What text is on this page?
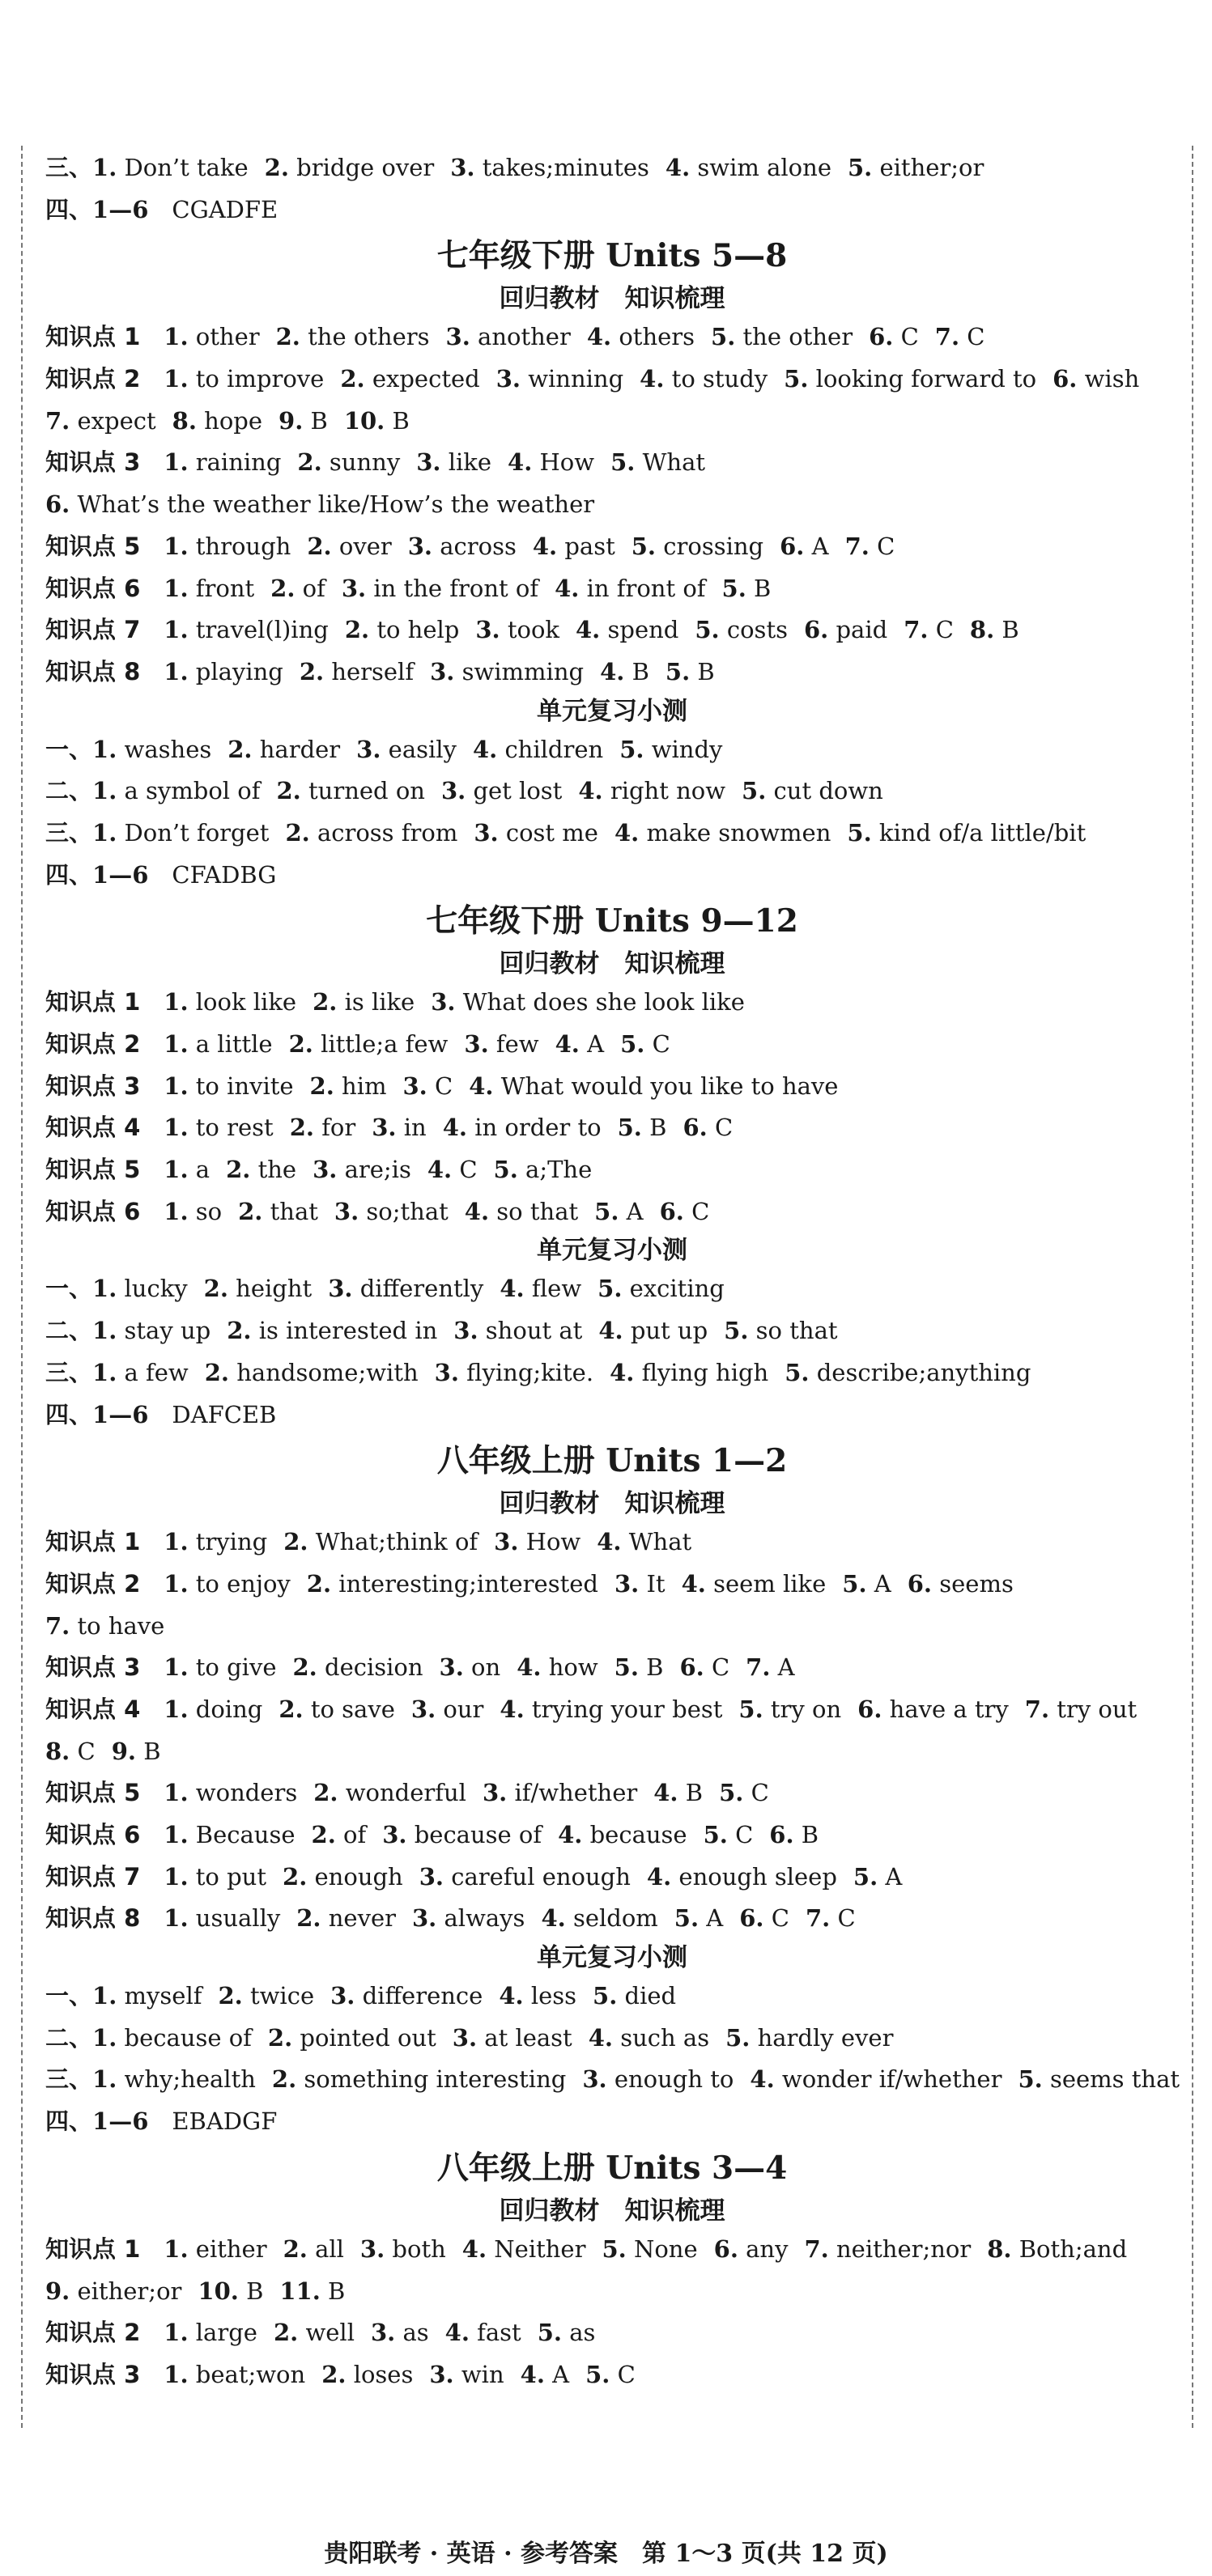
三、1. Don’t take 2. bridge over 3. takes;minutes 4. swim alone 5. either;or
四、1—6  CGADFE
七年级下册 Units 5—8
回归教材　知识梳理
知识点 1  1. other 2. the others 3. another 4. others 5. the other 6. C 7. C
知识点 2  1. to improve 2. expected 3. winning 4. to study 5. looking forward to 6. wish
7. expect 8. hope 9. B 10. B
知识点 3  1. raining 2. sunny 3. like 4. How 5. What
6. What’s the weather like/How’s the weather
知识点 5  1. through 2. over 3. across 4. past 5. crossing 6. A 7. C
知识点 6  1. front 2. of 3. in the front of 4. in front of 5. B
知识点 7  1. travel(l)ing 2. to help 3. took 4. spend 5. costs 6. paid 7. C 8. B
知识点 8  1. playing 2. herself 3. swimming 4. B 5. B
单元复习小测
一、1. washes 2. harder 3. easily 4. children 5. windy
二、1. a symbol of 2. turned on 3. get lost 4. right now 5. cut down
三、1. Don’t forget 2. across from 3. cost me 4. make snowmen 5. kind of/a little/bit
四、1—6  CFADBG
七年级下册 Units 9—12
回归教材　知识梳理
知识点 1  1. look like 2. is like 3. What does she look like
知识点 2  1. a little 2. little;a few 3. few 4. A 5. C
知识点 3  1. to invite 2. him 3. C 4. What would you like to have
知识点 4  1. to rest 2. for 3. in 4. in order to 5. B 6. C
知识点 5  1. a 2. the 3. are;is 4. C 5. a;The
知识点 6  1. so 2. that 3. so;that 4. so that 5. A 6. C
单元复习小测
一、1. lucky 2. height 3. differently 4. flew 5. exciting
二、1. stay up 2. is interested in 3. shout at 4. put up 5. so that
三、1. a few 2. handsome;with 3. flying;kite. 4. flying high 5. describe;anything
四、1—6  DAFCEB
八年级上册 Units 1—2
回归教材　知识梳理
知识点 1  1. trying 2. What;think of 3. How 4. What
知识点 2  1. to enjoy 2. interesting;interested 3. It 4. seem like 5. A 6. seems
7. to have
知识点 3  1. to give 2. decision 3. on 4. how 5. B 6. C 7. A
知识点 4  1. doing 2. to save 3. our 4. trying your best 5. try on 6. have a try 7. try out
8. C 9. B
知识点 5  1. wonders 2. wonderful 3. if/whether 4. B 5. C
知识点 6  1. Because 2. of 3. because of 4. because 5. C 6. B
知识点 7  1. to put 2. enough 3. careful enough 4. enough sleep 5. A
知识点 8  1. usually 2. never 3. always 4. seldom 5. A 6. C 7. C
单元复习小测
一、1. myself 2. twice 3. difference 4. less 5. died
二、1. because of 2. pointed out 3. at least 4. such as 5. hardly ever
三、1. why;health 2. something interesting 3. enough to 4. wonder if/whether 5. seems that
四、1—6  EBADGF
八年级上册 Units 3—4
回归教材　知识梳理
知识点 1  1. either 2. all 3. both 4. Neither 5. None 6. any 7. neither;nor 8. Both;and
9. either;or 10. B 11. B
知识点 2  1. large 2. well 3. as 4. fast 5. as
知识点 3  1. beat;won 2. loses 3. win 4. A 5. C
贵阳联考 · 英语 · 参考答案　第 1～3 页(共 12 页)
